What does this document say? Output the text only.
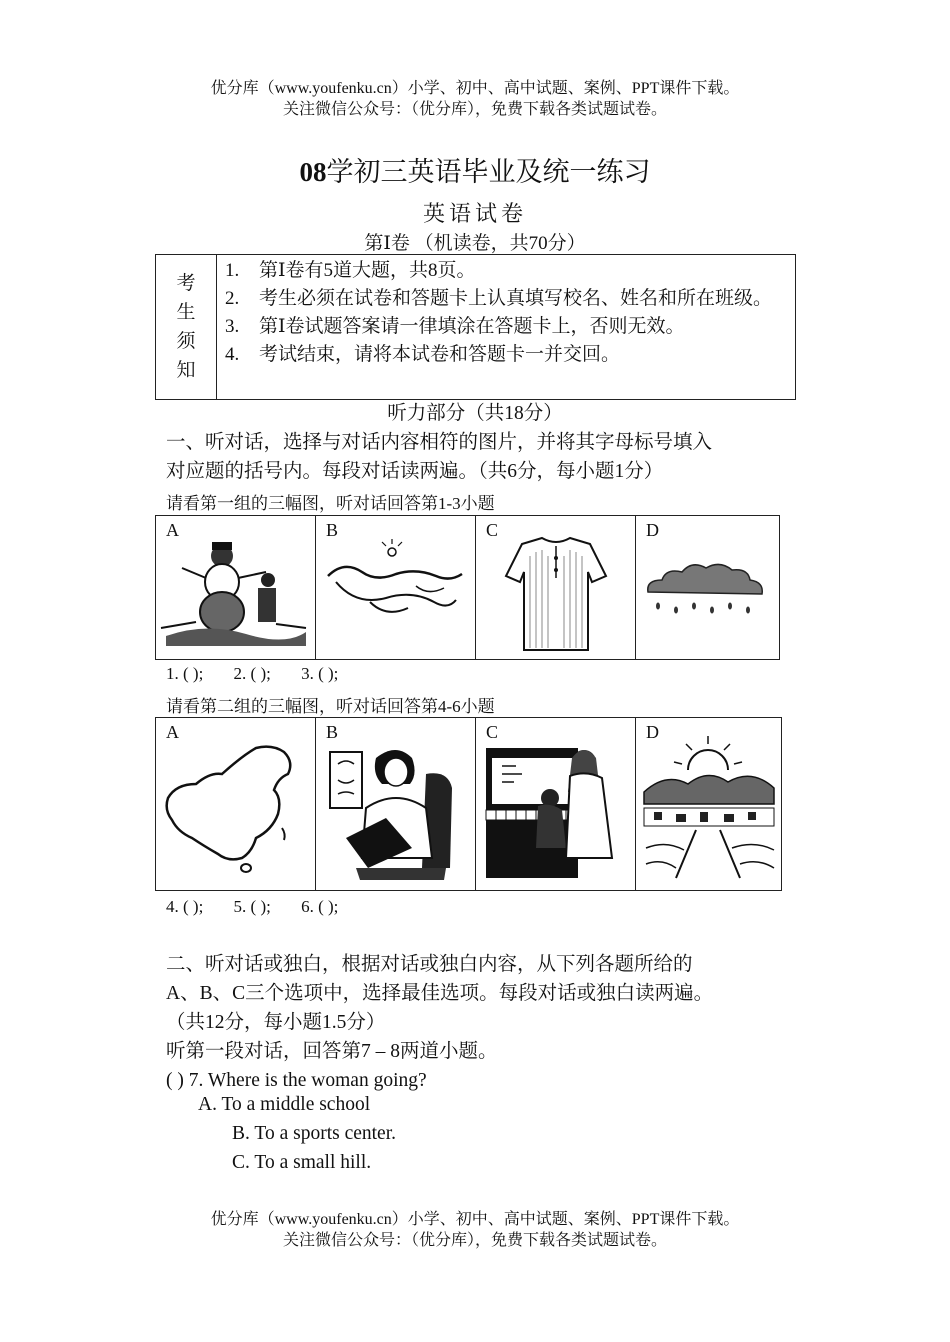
优分库（www.youfenku.cn）小学、初中、高中试题、案例、PPT课件下载。
关注微信公众号：（优分库），免费下载各类试题试卷。
08学初三英语毕业及统一练习
英语试卷
第Ⅰ卷 （机读卷，共70分）
考
生
须
知

1.	第Ⅰ卷有5道大题，共8页。
2.	考生必须在试卷和答题卡上认真填写校名、姓名和所在班级。
3.	第Ⅰ卷试题答案请一律填涂在答题卡上，否则无效。
4.	考试结束，请将本试卷和答题卡一并交回。
听力部分（共18分）
一、听对话，选择与对话内容相符的图片，并将其字母标号填入
对应题的括号内。每段对话读两遍。（共6分，每小题1分）
请看第一组的三幅图，听对话回答第1-3小题
A	B	C	D
1. ( ); 2. ( ); 3. ( );
请看第二组的三幅图，听对话回答第4-6小题
A	B	C	D
4. ( ); 5. ( ); 6. ( );
二、听对话或独白，根据对话或独白内容，从下列各题所给的
A、B、C三个选项中，选择最佳选项。每段对话或独白读两遍。
（共12分，每小题1.5分）
听第一段对话，回答第7 – 8两道小题。
( ) 7. Where is the woman going?
A. To a middle school
B. To a sports center.
C. To a small hill.
优分库（www.youfenku.cn）小学、初中、高中试题、案例、PPT课件下载。
关注微信公众号：（优分库），免费下载各类试题试卷。
